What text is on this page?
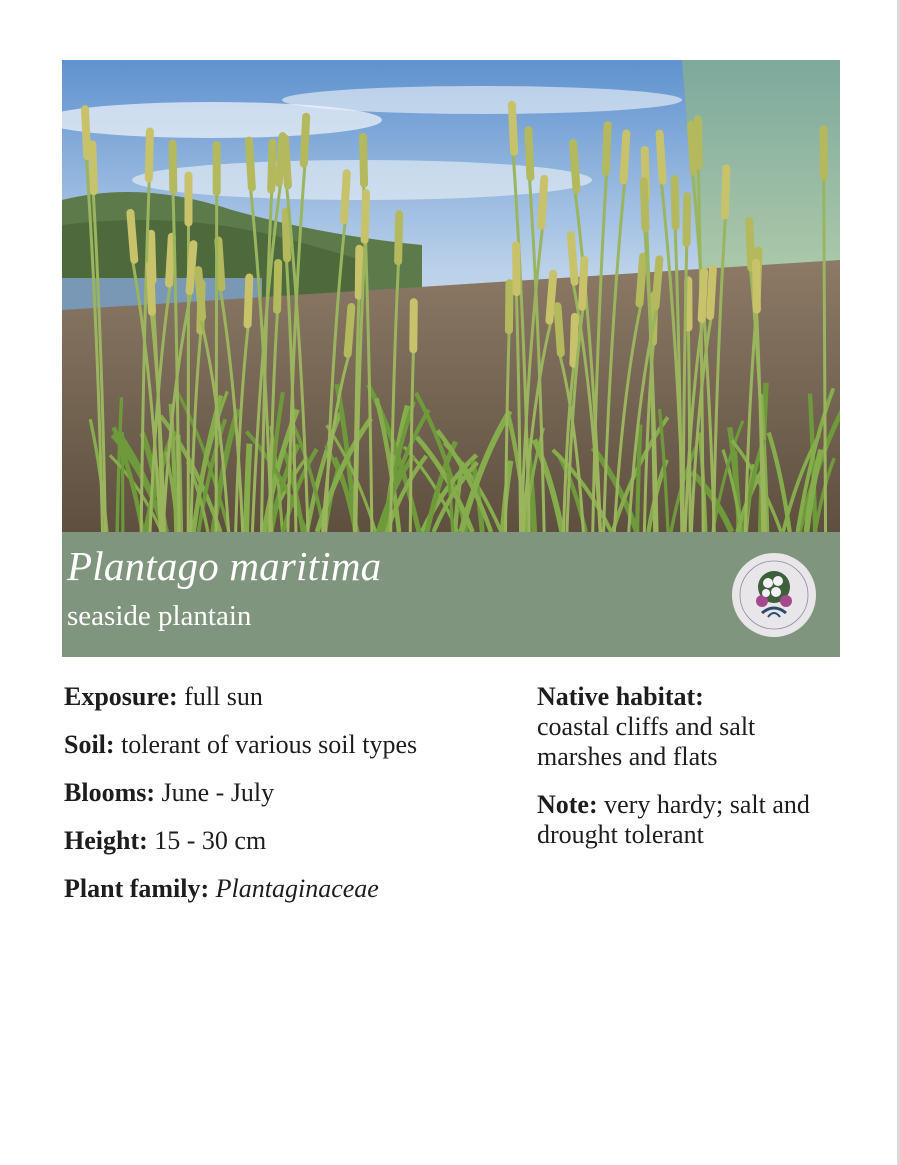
Plantago maritima
seaside plantain
Exposure: full sun
Soil: tolerant of various soil types
Blooms: June - July
Height: 15 - 30 cm
Plant family: Plantaginaceae
Native habitat:
coastal cliffs and salt marshes and flats
Note: very hardy; salt and drought tolerant
